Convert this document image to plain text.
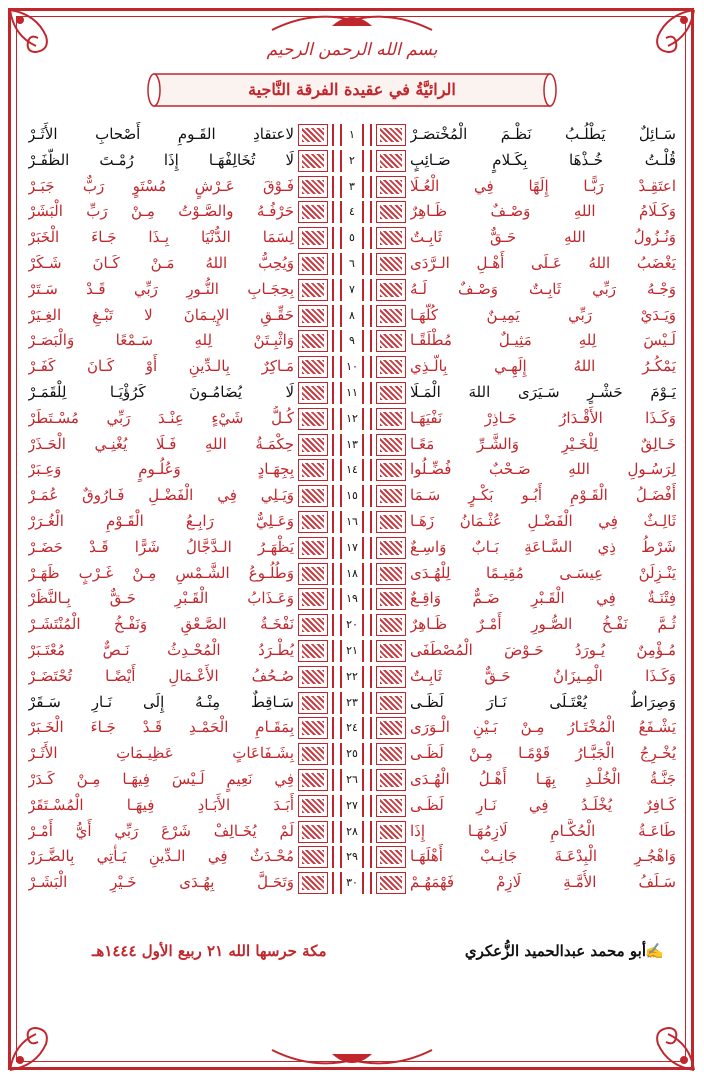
بسم الله الرحمن الرحيم
الرائيَّةُ في عقيدة الفرقة النَّاجية
سَـائِلٌ يَطْلُـبُ نَظْـمَ الْمُخْتصَـرْ
١
لاعتقادِ القَـومِ أَصْحابِ الأَثَـرْ
قُلْـتُ خُـذْهَا بِكَـلامٍ صَـائِبٍ
٢
لَا تُخَالِفْهَـا إِذَا رُمْـتَ الظَّفَـرْ
اعتَقِـدْ رَبًّـا إِلَهًا فِي الْعُـلَا
٣
فَـوْقَ عَـرْشٍ مُسْتَوٍ رَبٌّ جَبَـرْ
وَكَـلَامُ اللهِ وَصْـفٌ ظَـاهِرٌ
٤
حَرْفُـهُ والصَّـوْتُ مِـنْ رَبِّ الْبَشَرْ
وَنُـزُولُ اللهِ حَـقٌّ ثَابِـتٌ
٥
لِسَمَا الدُّنْيَا بِـذَا جَـاءَ الْخَبَرْ
يَغْضَبُ اللهُ عَـلَى أَهْـلِ الـرَّدَى
٦
وَيُحِبُّ اللهُ مَـنْ كَـانَ شَـكَرْ
وَجْـهُ رَبِّي ثَابِـتٌ وَصْـفٌ لَـهُ
٧
بِحِجَـابِ النُّـورِ رَبِّي قَـدْ سَـتَرْ
وَيَـدَيْ رَبِّي يَمِيـنٌ كُلُّهَـا
٨
حَقِّـقِ الإِيـمَانَ لا تَبْـغِ الغِـيَرْ
لَـيْسَ لِلهِ مَثِيـلٌ مُطْلَقًـا
٩
وَاثْبِـتَنْ لِلهِ سَـمْعًا وَالْبَصَـرْ
يَمْكُـرُ اللهُ إِلَهِـي بِالَّـذِي
١٠
مَـاكِرٌ بِالـدِّينِ أَوْ كَـانَ كَفَـرْ
يَـوْمَ حَشْـرٍ سَـيَرَى اللهَ الْمَـلَا
١١
لَا يُضَامُـونَ كَرُؤْيَـا لِلْقَمَـرْ
وَكَـذَا الأَقْـدَارُ حَـاذِرْ نَفْيَهَـا
١٢
كُـلُّ شَيْءٍ عِنْـدَ رَبِّي مُسْـتَطَرْ
خَـالِقٌ لِلْخَـيْرِ وَالشَّـرِّ مَعًـا
١٣
حِكْمَـةُ اللهِ فَـلَا يُغْنِـي الْحَـذَرْ
لِرَسُـولِ اللهِ صَـحْبٌ فُضِّـلُوا
١٤
بِجِهَـادٍ وَعُلُـومٍ وَعِـبَرْ
أَفْضَـلُ الْقَـوْمِ أَبُـو بَكْـرٍ سَـمَا
١٥
وَيَـلِي فِي الْفَضْـلِ فَـارُوقٌ عُمَـرْ
ثَالِـثٌ فِي الْفَضْـلِ عُثْـمَانُ زَهَـا
١٦
وَعَـلِيٌّ رَابِـعُ الْقَـوْمِ الْغُـرَرْ
شَرْطُ ذِي السَّـاعَةِ بَـابٌ وَاسِـعٌ
١٧
يَظْهَـرُ الـدَّجَّالُ شَرًّا قَـدْ حَضَـرْ
يَنْـزِلَنْ عِيسَـى مُقِيـمًا لِلْهُـدَى
١٨
وَطُلُـوعُ الشَّـمْسِ مِـنْ غَـرْبٍ ظَهَـرْ
فِتْنَـةٌ فِي الْقَـبْرِ ضَـمٌّ وَاقِـعٌ
١٩
وَعَـذَابُ الْقَـبْرِ حَـقٌّ بِـالنَّظَرْ
ثُـمَّ نَفْـخُ الصُّـورِ أَمْـرٌ ظَـاهِرٌ
٢٠
نَفْخَـةُ الصَّـعْقِ وَنَفْـخُ الْمُنْتَشَـرْ
مُـؤْمِنٌ يُـورَدُ حَـوْضَ الْمُصْطَفَى
٢١
يُطْـرَدُ الْمُحْـدِثُ نَـصٌّ مُعْتَـبَرْ
وَكَـذَا الْمِـيزَانُ حَـقٌّ ثَابِـتٌ
٢٢
صُـحُفُ الأَعْـمَالِ أَيْضًـا تُحْتَضَـرْ
وَصِرَاطٌ يُعْتَـلَى نَـارَ لَظَـى
٢٣
سَـاقِطٌ مِنْـهُ إِلَى نَـارِ سَـقَرْ
يَشْـفَعُ الْمُخْتَـارُ مِـنْ بَـيْنِ الْـوَرَى
٢٤
بِمَقَـامِ الْحَمْـدِ قَـدْ جَـاءَ الْخَـبَرْ
يُخْـرِجُ الْجَبَّـارُ قَوْمًـا مِـنْ لَظَـى
٢٥
بِشَـفَاعَاتٍ عَظِيـمَاتِ الأَثَـرْ
جَنَّـةُ الْخُلْـدِ بِهَـا أَهْـلُ الْهُـدَى
٢٦
فِي نَعِيمٍ لَـيْسَ فِيهَـا مِـنْ كَـدَرْ
كَـافِرٌ يُخْلَـدُ فِي نَـارِ لَظَـى
٢٧
أَبَـدَ الأَبَـادِ فِيهَـا الْمُسْـتَقَرْ
طَاعَـةُ الْحُكَّـامِ لَازِمُهَـا إِذَا
٢٨
لَمْ يُخَـالِفْ شَرْعَ رَبِّي أَيُّ أَمْـرْ
وَاهْجُـرِ الْبِدْعَـةَ جَانِـبْ أَهْلَهَـا
٢٩
مُحْـدَثٌ فِي الـدِّينِ يَـأْتِي بِالضَّـرَرْ
سَـلَفُ الأُمَّـةِ لَازِمْ فَهْمَهُـمْ
٣٠
وَتَحَـلَّ بِهُـدَى خَـيْرِ الْبَشَـرْ
✍أبو محمد عبدالحميد الزُّعكري
مكة حرسها الله ٢١ ربيع الأول ١٤٤٤هـ
